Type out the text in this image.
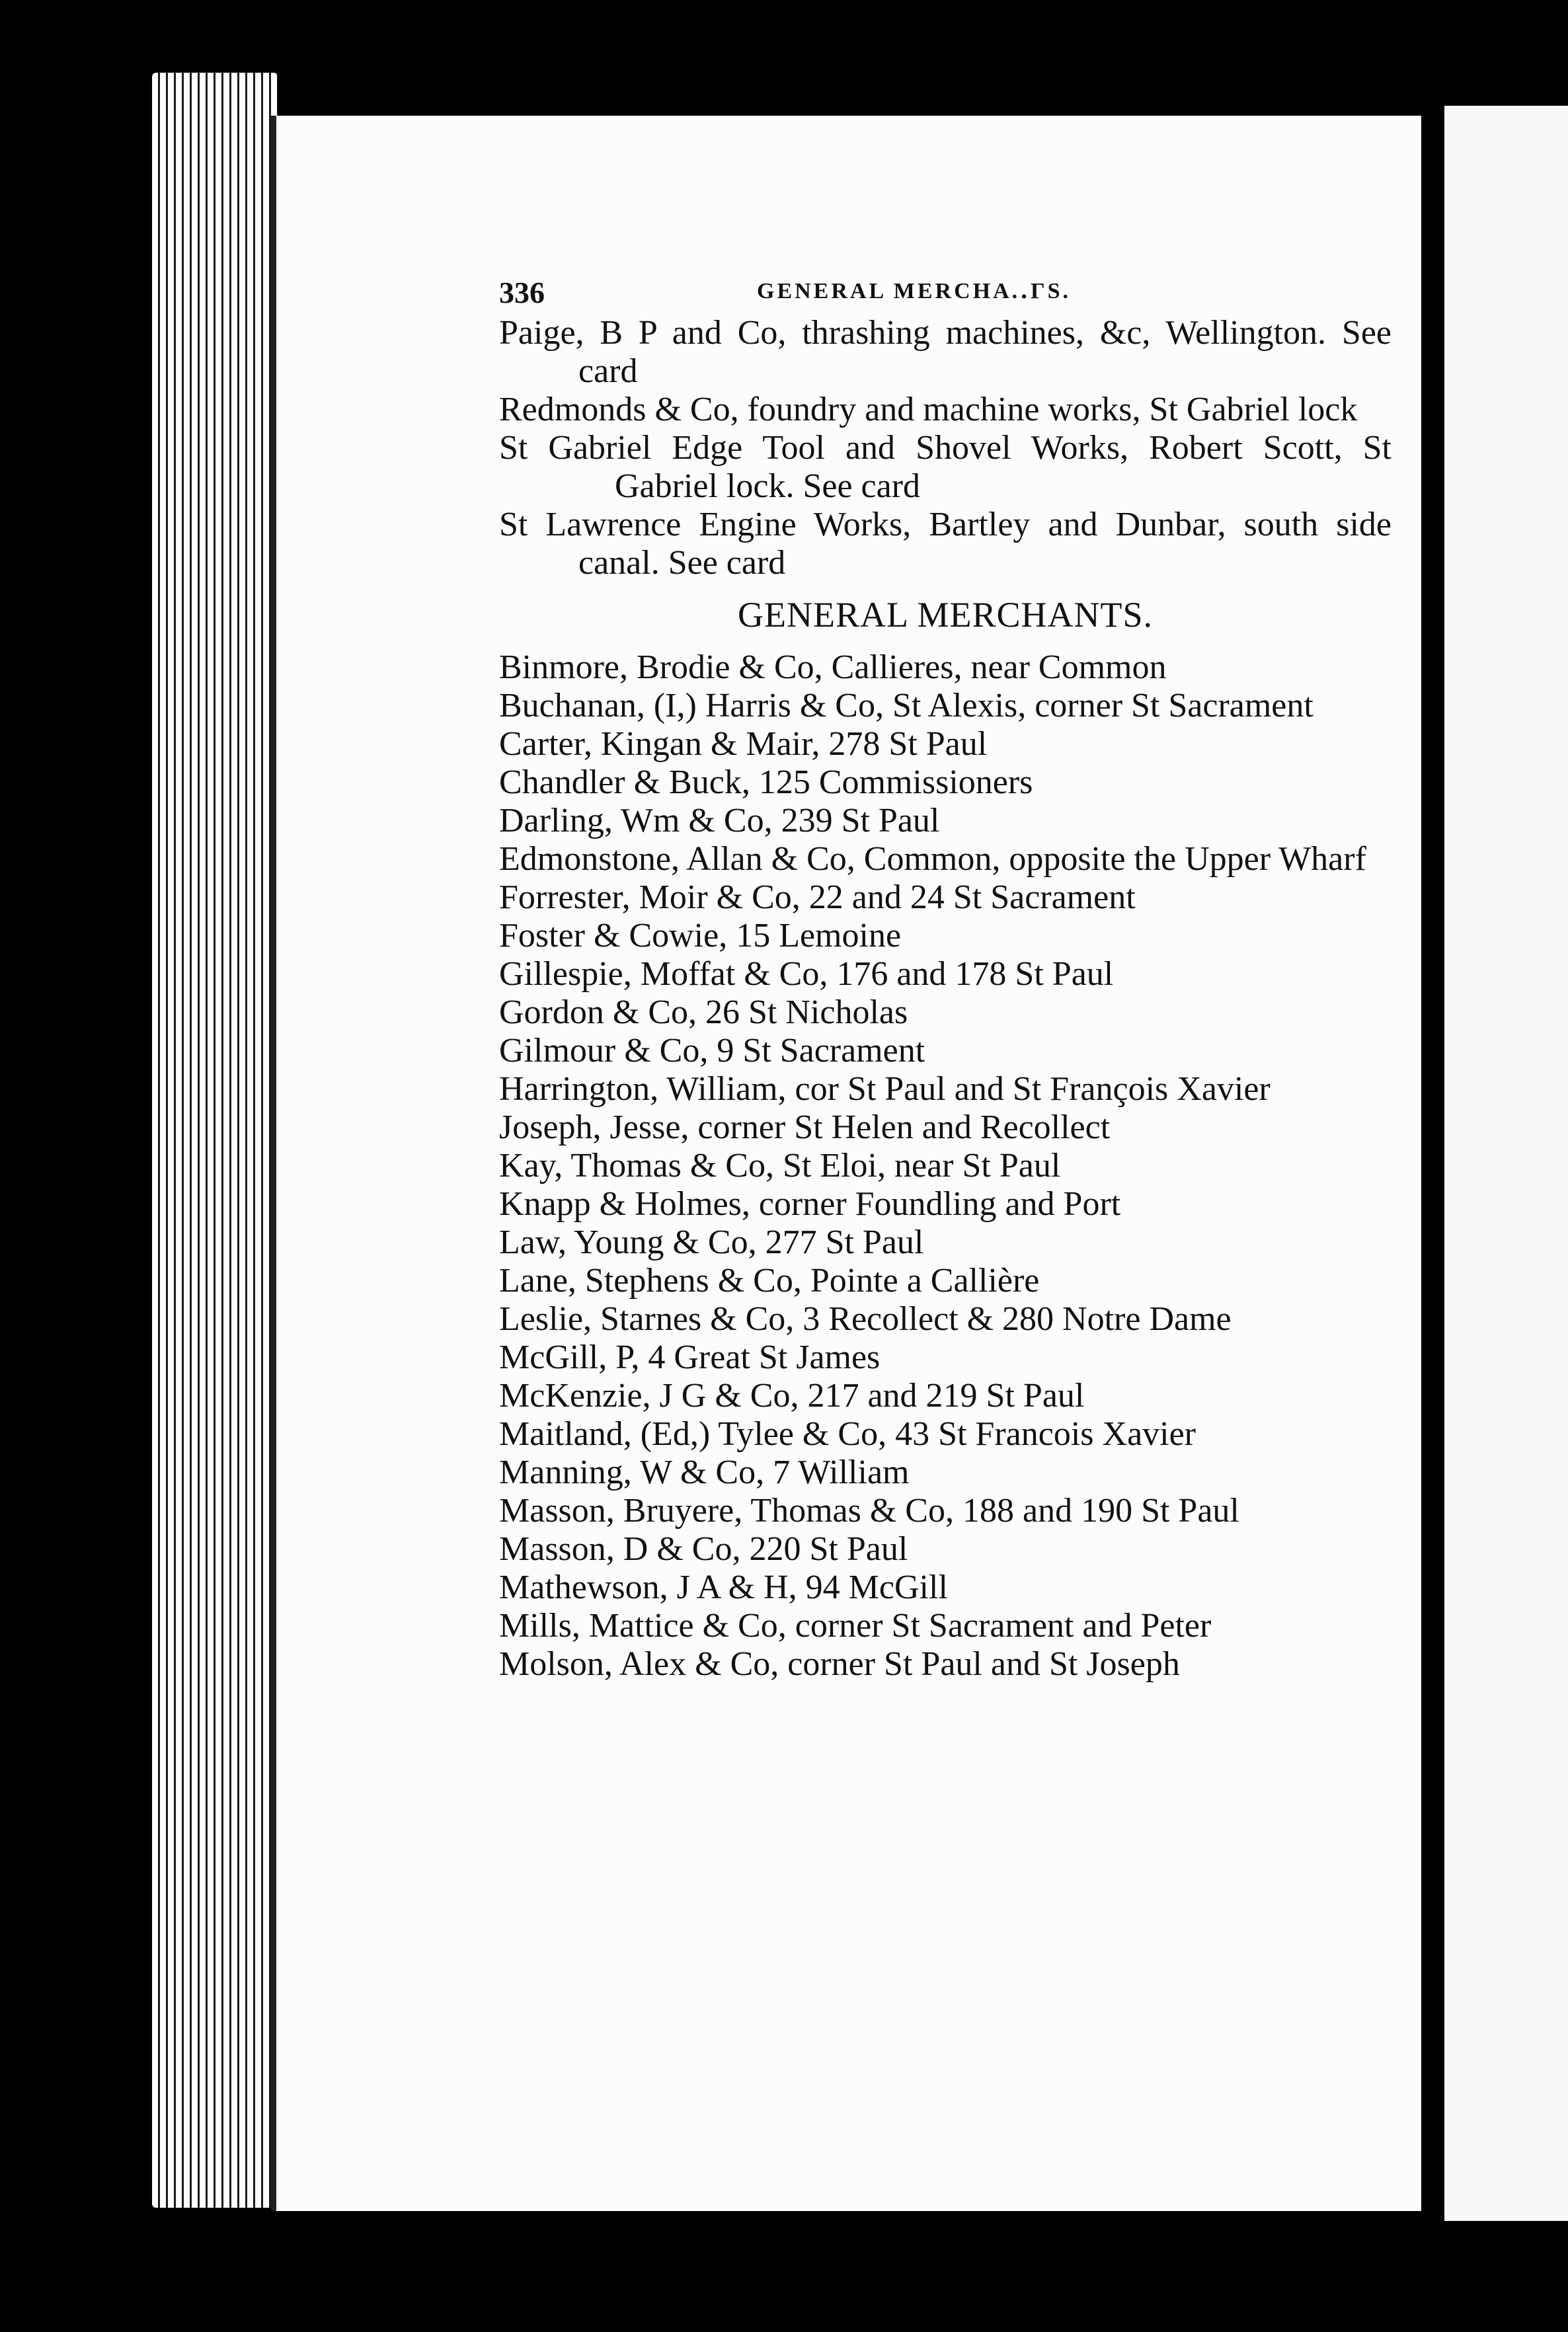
336	GENERAL MERCHA.․ΓS.
Paige, B P and Co, thrashing machines, &c, Wellington. See card
Redmonds & Co, foundry and machine works, St Gabriel lock
St Gabriel Edge Tool and Shovel Works, Robert Scott, St Gabriel lock. See card
St Lawrence Engine Works, Bartley and Dunbar, south side canal. See card
GENERAL MERCHANTS.
Binmore, Brodie & Co, Callieres, near Common
Buchanan, (I,) Harris & Co, St Alexis, corner St Sacrament
Carter, Kingan & Mair, 278 St Paul
Chandler & Buck, 125 Commissioners
Darling, Wm & Co, 239 St Paul
Edmonstone, Allan & Co, Common, opposite the Upper Wharf
Forrester, Moir & Co, 22 and 24 St Sacrament
Foster & Cowie, 15 Lemoine
Gillespie, Moffat & Co, 176 and 178 St Paul
Gordon & Co, 26 St Nicholas
Gilmour & Co, 9 St Sacrament
Harrington, William, cor St Paul and St François Xavier
Joseph, Jesse, corner St Helen and Recollect
Kay, Thomas & Co, St Eloi, near St Paul
Knapp & Holmes, corner Foundling and Port
Law, Young & Co, 277 St Paul
Lane, Stephens & Co, Pointe a Callière
Leslie, Starnes & Co, 3 Recollect & 280 Notre Dame
McGill, P, 4 Great St James
McKenzie, J G & Co, 217 and 219 St Paul
Maitland, (Ed,) Tylee & Co, 43 St Francois Xavier
Manning, W & Co, 7 William
Masson, Bruyere, Thomas & Co, 188 and 190 St Paul
Masson, D & Co, 220 St Paul
Mathewson, J A & H, 94 McGill
Mills, Mattice & Co, corner St Sacrament and Peter
Molson, Alex & Co, corner St Paul and St Joseph
